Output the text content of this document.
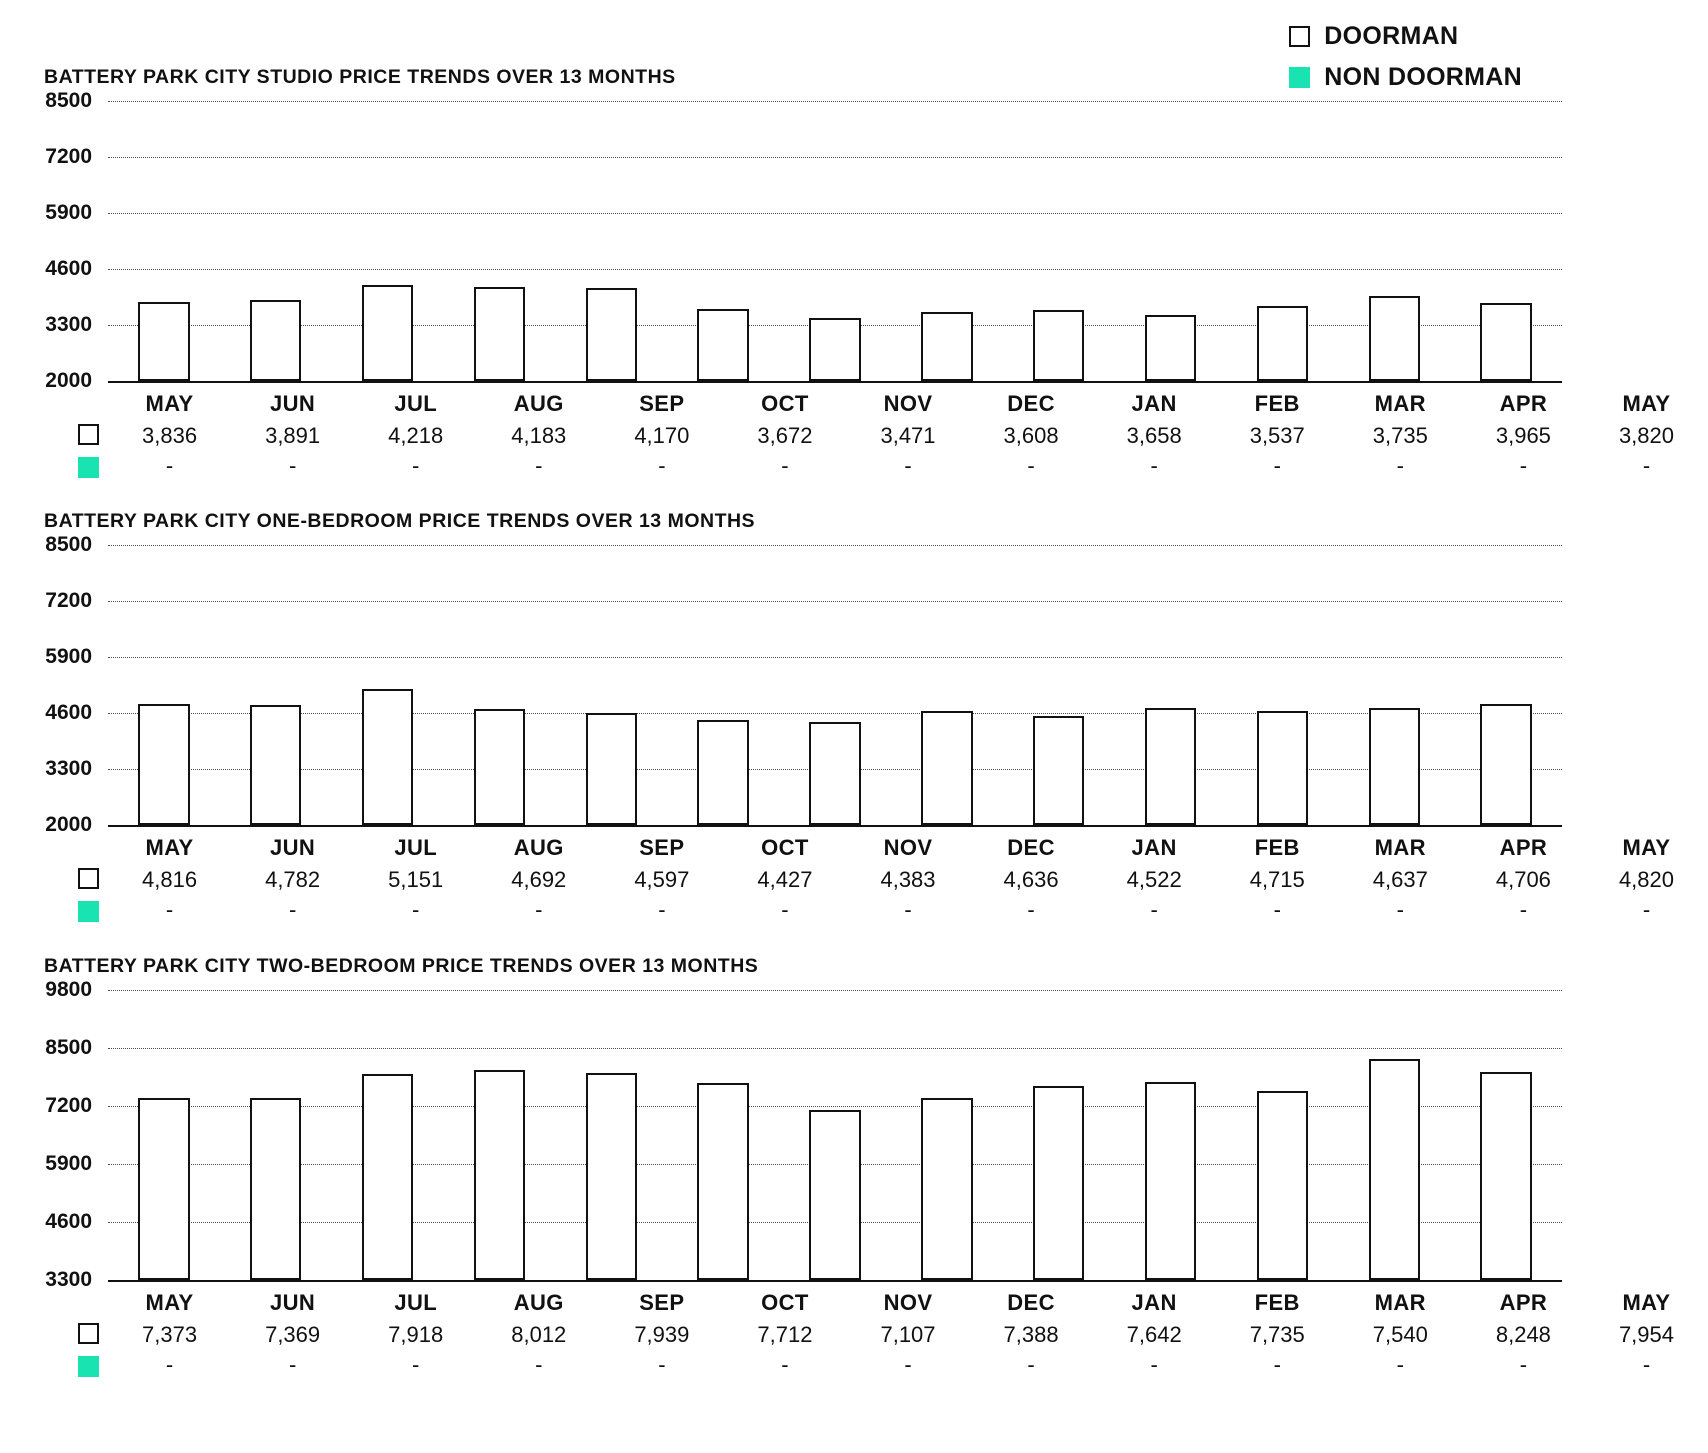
DOORMAN
NON DOORMAN
BATTERY PARK CITY STUDIO PRICE TRENDS OVER 13 MONTHS
2000
3300
4600
5900
7200
8500
MAY	JUN	JUL	AUG	SEP	OCT	NOV	DEC	JAN	FEB	MAR	APR	MAY
3,836	3,891	4,218	4,183	4,170	3,672	3,471	3,608	3,658	3,537	3,735	3,965	3,820
-	-	-	-	-	-	-	-	-	-	-	-	-
BATTERY PARK CITY ONE-BEDROOM PRICE TRENDS OVER 13 MONTHS
2000
3300
4600
5900
7200
8500
MAY	JUN	JUL	AUG	SEP	OCT	NOV	DEC	JAN	FEB	MAR	APR	MAY
4,816	4,782	5,151	4,692	4,597	4,427	4,383	4,636	4,522	4,715	4,637	4,706	4,820
-	-	-	-	-	-	-	-	-	-	-	-	-
BATTERY PARK CITY TWO-BEDROOM PRICE TRENDS OVER 13 MONTHS
3300
4600
5900
7200
8500
9800
MAY	JUN	JUL	AUG	SEP	OCT	NOV	DEC	JAN	FEB	MAR	APR	MAY
7,373	7,369	7,918	8,012	7,939	7,712	7,107	7,388	7,642	7,735	7,540	8,248	7,954
-	-	-	-	-	-	-	-	-	-	-	-	-
